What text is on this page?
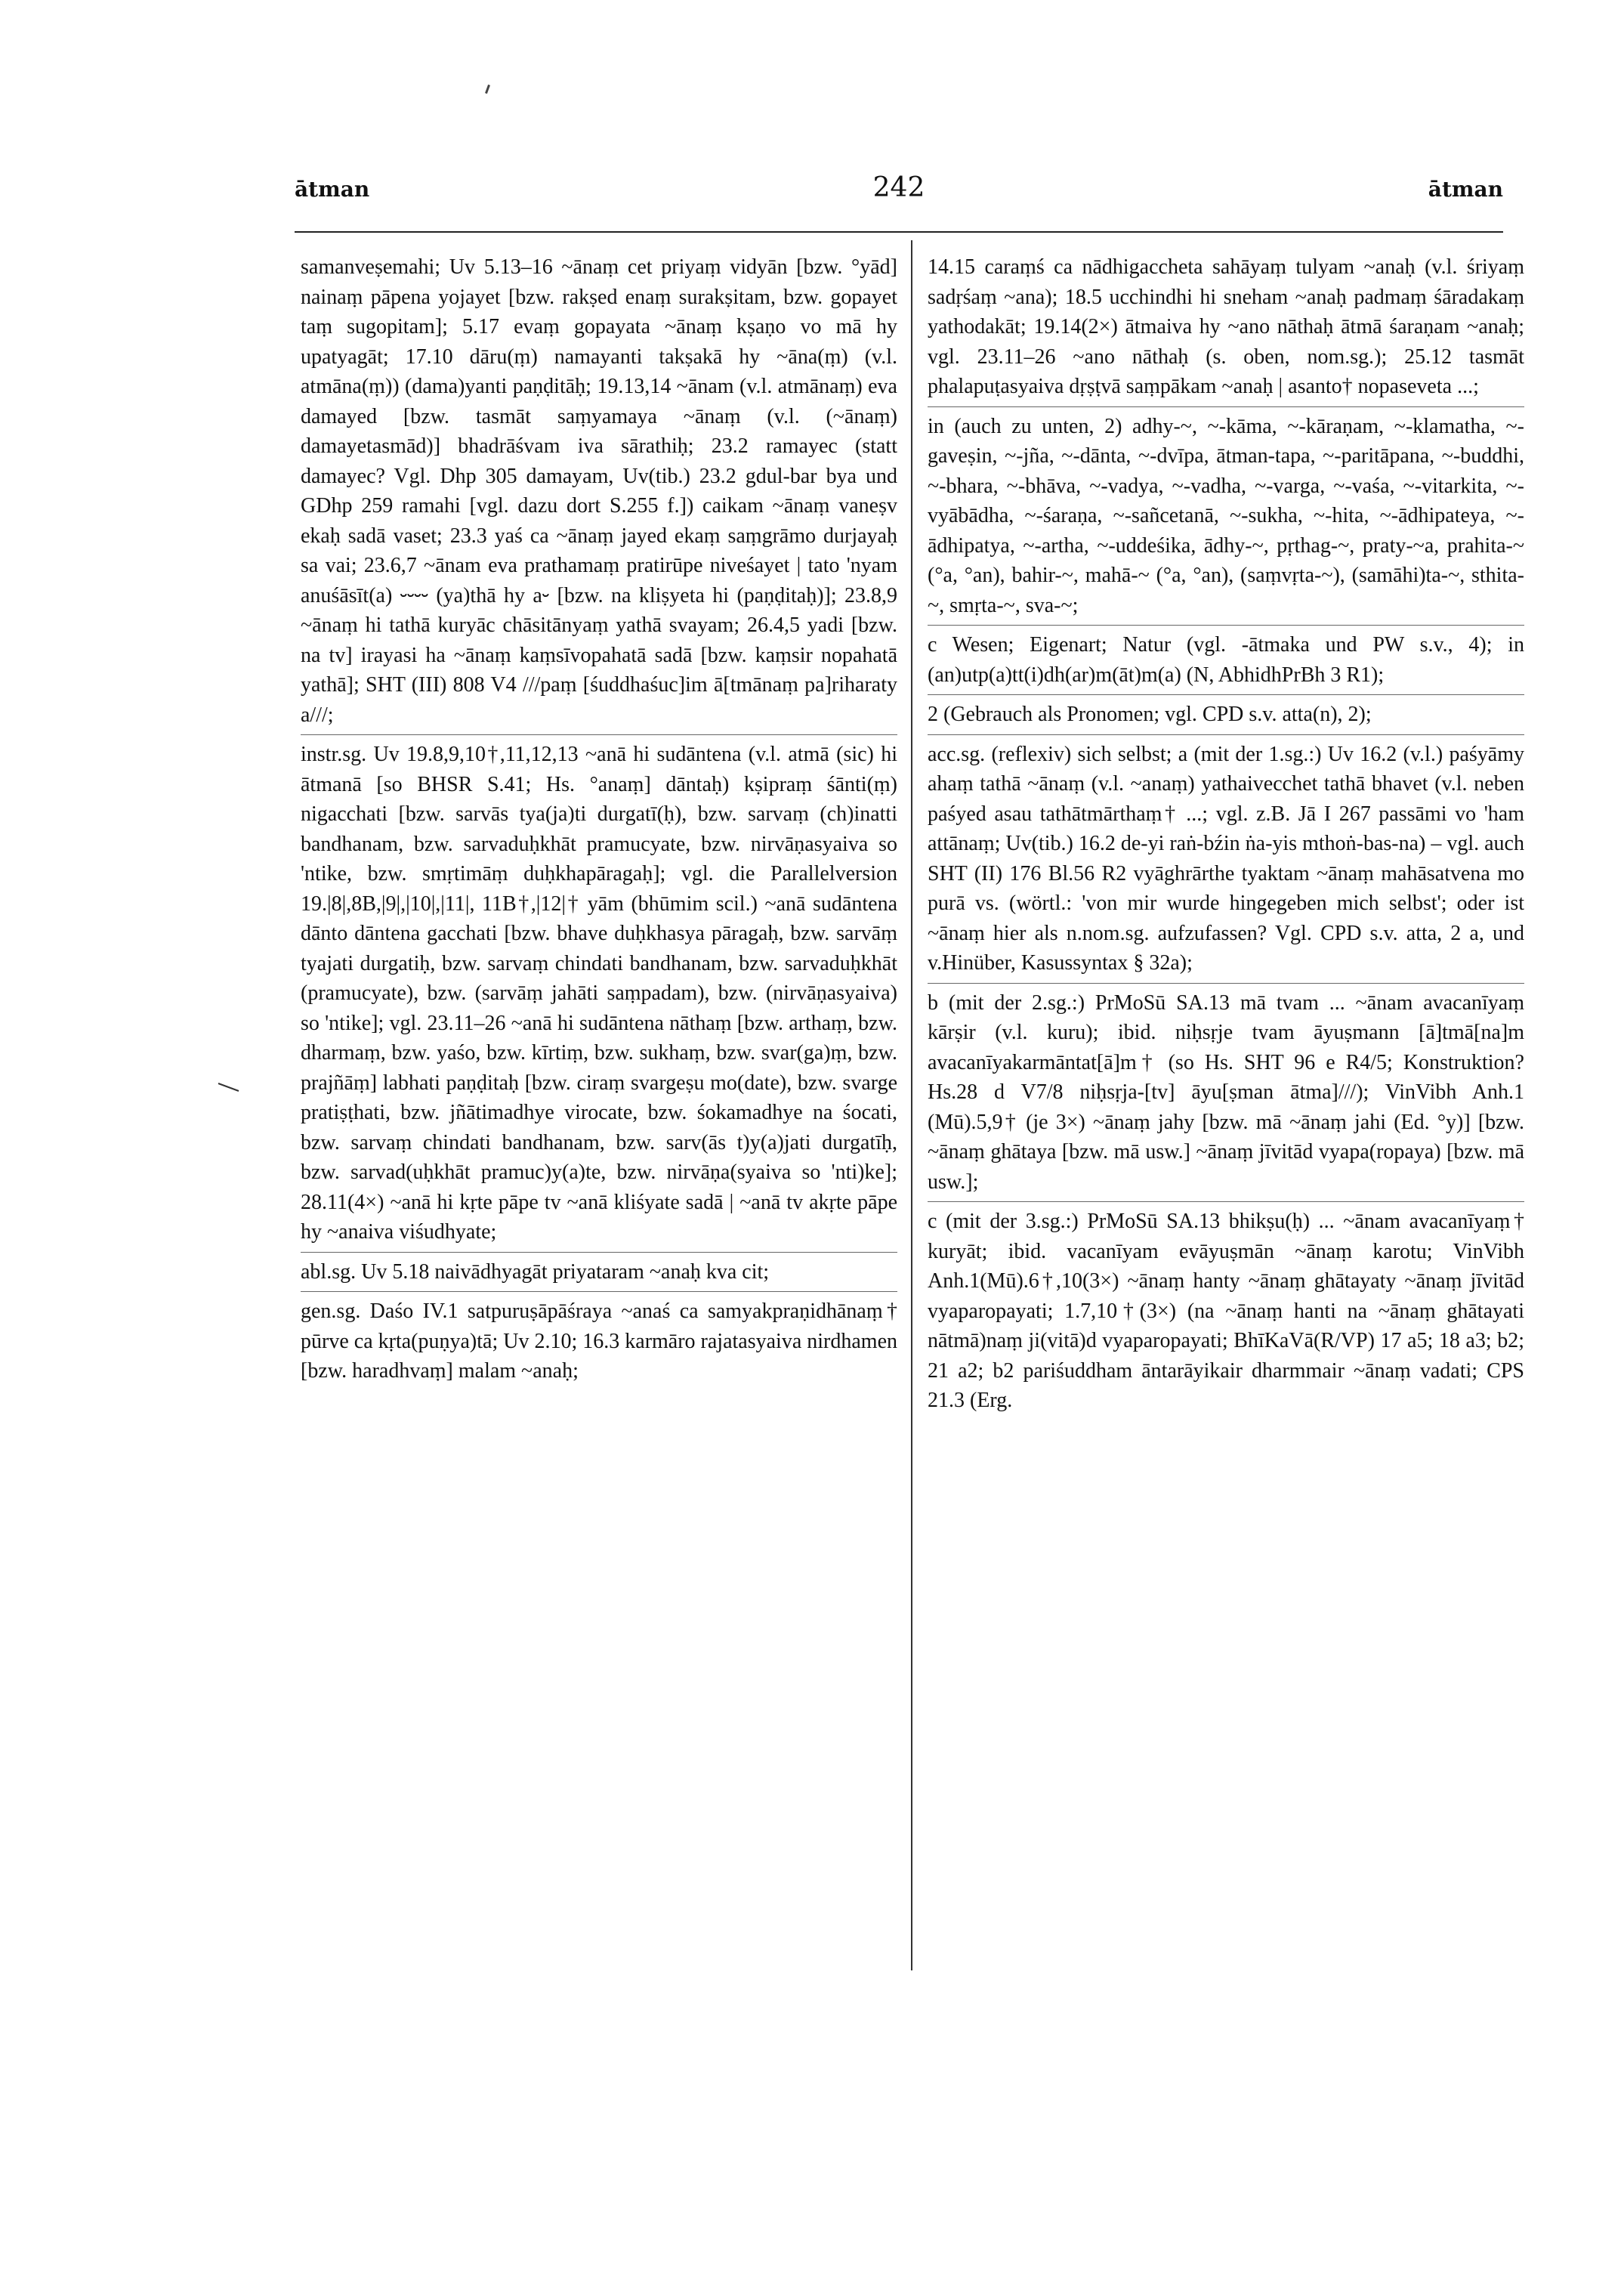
ātman	242	ātman

samanveṣemahi; Uv 5.13–16 ~ānaṃ cet priyaṃ vidyān [bzw. °yād] nainaṃ pāpena yojayet [bzw. rakṣed enaṃ surakṣitam, bzw. gopayet taṃ sugopitam]; 5.17 evaṃ gopayata ~ānaṃ kṣaṇo vo mā hy upatyagāt; 17.10 dāru(ṃ) namayanti takṣakā hy ~āna(ṃ) (v.l. atmāna(ṃ)) (dama)yanti paṇḍitāḥ; 19.13,14 ~ānam (v.l. atmānaṃ) eva damayed [bzw. tasmāt saṃyamaya ~ānaṃ (v.l. (~ānaṃ) damayetasmād)] bhadrāśvam iva sārathiḥ; 23.2 ramayec (statt damayec? Vgl. Dhp 305 damayam, Uv(tib.) 23.2 gdul-bar bya und GDhp 259 ramahi [vgl. dazu dort S.255 f.]) caikam ~ānaṃ vaneṣv ekaḥ sadā vaset; 23.3 yaś ca ~ānaṃ jayed ekaṃ saṃgrāmo durjayaḥ sa vai; 23.6,7 ~ānam eva prathamaṃ pratirūpe niveśayet | tato 'nyam anuśāsīt(a) ⏑⏑⏑⏑ (ya)thā hy a⏑ [bzw. na kliṣyeta hi (paṇḍitaḥ)]; 23.8,9 ~ānaṃ hi tathā kuryāc chāsitānyaṃ yathā svayam; 26.4,5 yadi [bzw. na tv] irayasi ha ~ānaṃ kaṃsīvopahatā sadā [bzw. kaṃsir nopahatā yathā]; SHT (III) 808 V4 ///paṃ [śuddhaśuc]im ā[tmānaṃ pa]riharaty a///;

instr.sg. Uv 19.8,9,10†,11,12,13 ~anā hi sudāntena (v.l. atmā (sic) hi ātmanā [so BHSR S.41; Hs. °anaṃ] dāntaḥ) kṣipraṃ śānti(ṃ) nigacchati [bzw. sarvās tya(ja)ti durgatī(ḥ), bzw. sarvaṃ (ch)inatti bandhanam, bzw. sarvaduḥkhāt pramucyate, bzw. nirvāṇasyaiva so 'ntike, bzw. smṛtimāṃ duḥkhapāragaḥ]; vgl. die Parallelversion 19.|8|,8B,|9|,|10|,|11|, 11B†,|12|† yām (bhūmim scil.) ~anā sudāntena dānto dāntena gacchati [bzw. bhave duḥkhasya pāragaḥ, bzw. sarvāṃ tyajati durgatiḥ, bzw. sarvaṃ chindati bandhanam, bzw. sarvaduḥkhāt (pramucyate), bzw. (sarvāṃ jahāti saṃpadam), bzw. (nirvāṇasyaiva) so 'ntike]; vgl. 23.11–26 ~anā hi sudāntena nāthaṃ [bzw. arthaṃ, bzw. dharmaṃ, bzw. yaśo, bzw. kīrtiṃ, bzw. sukhaṃ, bzw. svar(ga)ṃ, bzw. prajñāṃ] labhati paṇḍitaḥ [bzw. ciraṃ svargeṣu mo(date), bzw. svarge pratiṣṭhati, bzw. jñātimadhye virocate, bzw. śokamadhye na śocati, bzw. sarvaṃ chindati bandhanam, bzw. sarv(ās t)y(a)jati durgatīḥ, bzw. sarvad(uḥkhāt pramuc)y(a)te, bzw. nirvāṇa(syaiva so 'nti)ke]; 28.11(4×) ~anā hi kṛte pāpe tv ~anā kliśyate sadā | ~anā tv akṛte pāpe hy ~anaiva viśudhyate;

abl.sg. Uv 5.18 naivādhyagāt priyataram ~anaḥ kva cit;

gen.sg. Daśo IV.1 satpuruṣāpāśraya ~anaś ca samyakpraṇidhānaṃ† pūrve ca kṛta(puṇya)tā; Uv 2.10; 16.3 karmāro rajatasyaiva nirdhamen [bzw. haradhvaṃ] malam ~anaḥ;

14.15 caraṃś ca nādhigaccheta sahāyaṃ tulyam ~anaḥ (v.l. śriyaṃ sadṛśaṃ ~ana); 18.5 ucchindhi hi sneham ~anaḥ padmaṃ śāradakaṃ yathodakāt; 19.14(2×) ātmaiva hy ~ano nāthaḥ ātmā śaraṇam ~anaḥ; vgl. 23.11–26 ~ano nāthaḥ (s. oben, nom.sg.); 25.12 tasmāt phalapuṭasyaiva dṛṣṭvā saṃpākam ~anaḥ | asanto† nopaseveta ...;

in (auch zu unten, 2) adhy-~, ~-kāma, ~-kāraṇam, ~-klamatha, ~-gaveṣin, ~-jña, ~-dānta, ~-dvīpa, ātman-tapa, ~-paritāpana, ~-buddhi, ~-bhara, ~-bhāva, ~-vadya, ~-vadha, ~-varga, ~-vaśa, ~-vitarkita, ~-vyābādha, ~-śaraṇa, ~-sañcetanā, ~-sukha, ~-hita, ~-ādhipateya, ~-ādhipatya, ~-artha, ~-uddeśika, ādhy-~, pṛthag-~, praty-~a, prahita-~ (°a, °an), bahir-~, mahā-~ (°a, °an), (saṃvṛta-~), (samāhi)ta-~, sthita-~, smṛta-~, sva-~;

c Wesen; Eigenart; Natur (vgl. -ātmaka und PW s.v., 4); in (an)utp(a)tt(i)dh(ar)m(āt)m(a) (N, AbhidhPrBh 3 R1);

2 (Gebrauch als Pronomen; vgl. CPD s.v. atta(n), 2);

acc.sg. (reflexiv) sich selbst; a (mit der 1.sg.:) Uv 16.2 (v.l.) paśyāmy ahaṃ tathā ~ānaṃ (v.l. ~anaṃ) yathaivecchet tathā bhavet (v.l. neben paśyed asau tathātmārthaṃ† ...; vgl. z.B. Jā I 267 passāmi vo 'ham attānaṃ; Uv(tib.) 16.2 de-yi raṅ-bźin ṅa-yis mthoṅ-bas-na) – vgl. auch SHT (II) 176 Bl.56 R2 vyāghrārthe tyaktam ~ānaṃ mahāsatvena mo purā vs. (wörtl.: 'von mir wurde hingegeben mich selbst'; oder ist ~ānaṃ hier als n.nom.sg. aufzufassen? Vgl. CPD s.v. atta, 2 a, und v.Hinüber, Kasussyntax § 32a);

b (mit der 2.sg.:) PrMoSū SA.13 mā tvam ... ~ānam avacanīyaṃ kārṣir (v.l. kuru); ibid. niḥsṛje tvam āyuṣmann [ā]tmā[na]m avacanīyakarmāntat[ā]m† (so Hs. SHT 96 e R4/5; Konstruktion? Hs.28 d V7/8 niḥsṛja-[tv] āyu[ṣman ātma]///); VinVibh Anh.1 (Mū).5,9† (je 3×) ~ānaṃ jahy [bzw. mā ~ānaṃ jahi (Ed. °y)] [bzw. ~ānaṃ ghātaya [bzw. mā usw.] ~ānaṃ jīvitād vyapa(ropaya) [bzw. mā usw.];

c (mit der 3.sg.:) PrMoSū SA.13 bhikṣu(ḥ) ... ~ānam avacanīyaṃ† kuryāt; ibid. vacanīyam evāyuṣmān ~ānaṃ karotu; VinVibh Anh.1(Mū).6†,10(3×) ~ānaṃ hanty ~ānaṃ ghātayaty ~ānaṃ jīvitād vyaparopayati; 1.7,10†(3×) (na ~ānaṃ hanti na ~ānaṃ ghātayati nātmā)naṃ ji(vitā)d vyaparopayati; BhīKaVā(R/VP) 17 a5; 18 a3; b2; 21 a2; b2 pariśuddham āntarāyikair dharmmair ~ānaṃ vadati; CPS 21.3 (Erg.
